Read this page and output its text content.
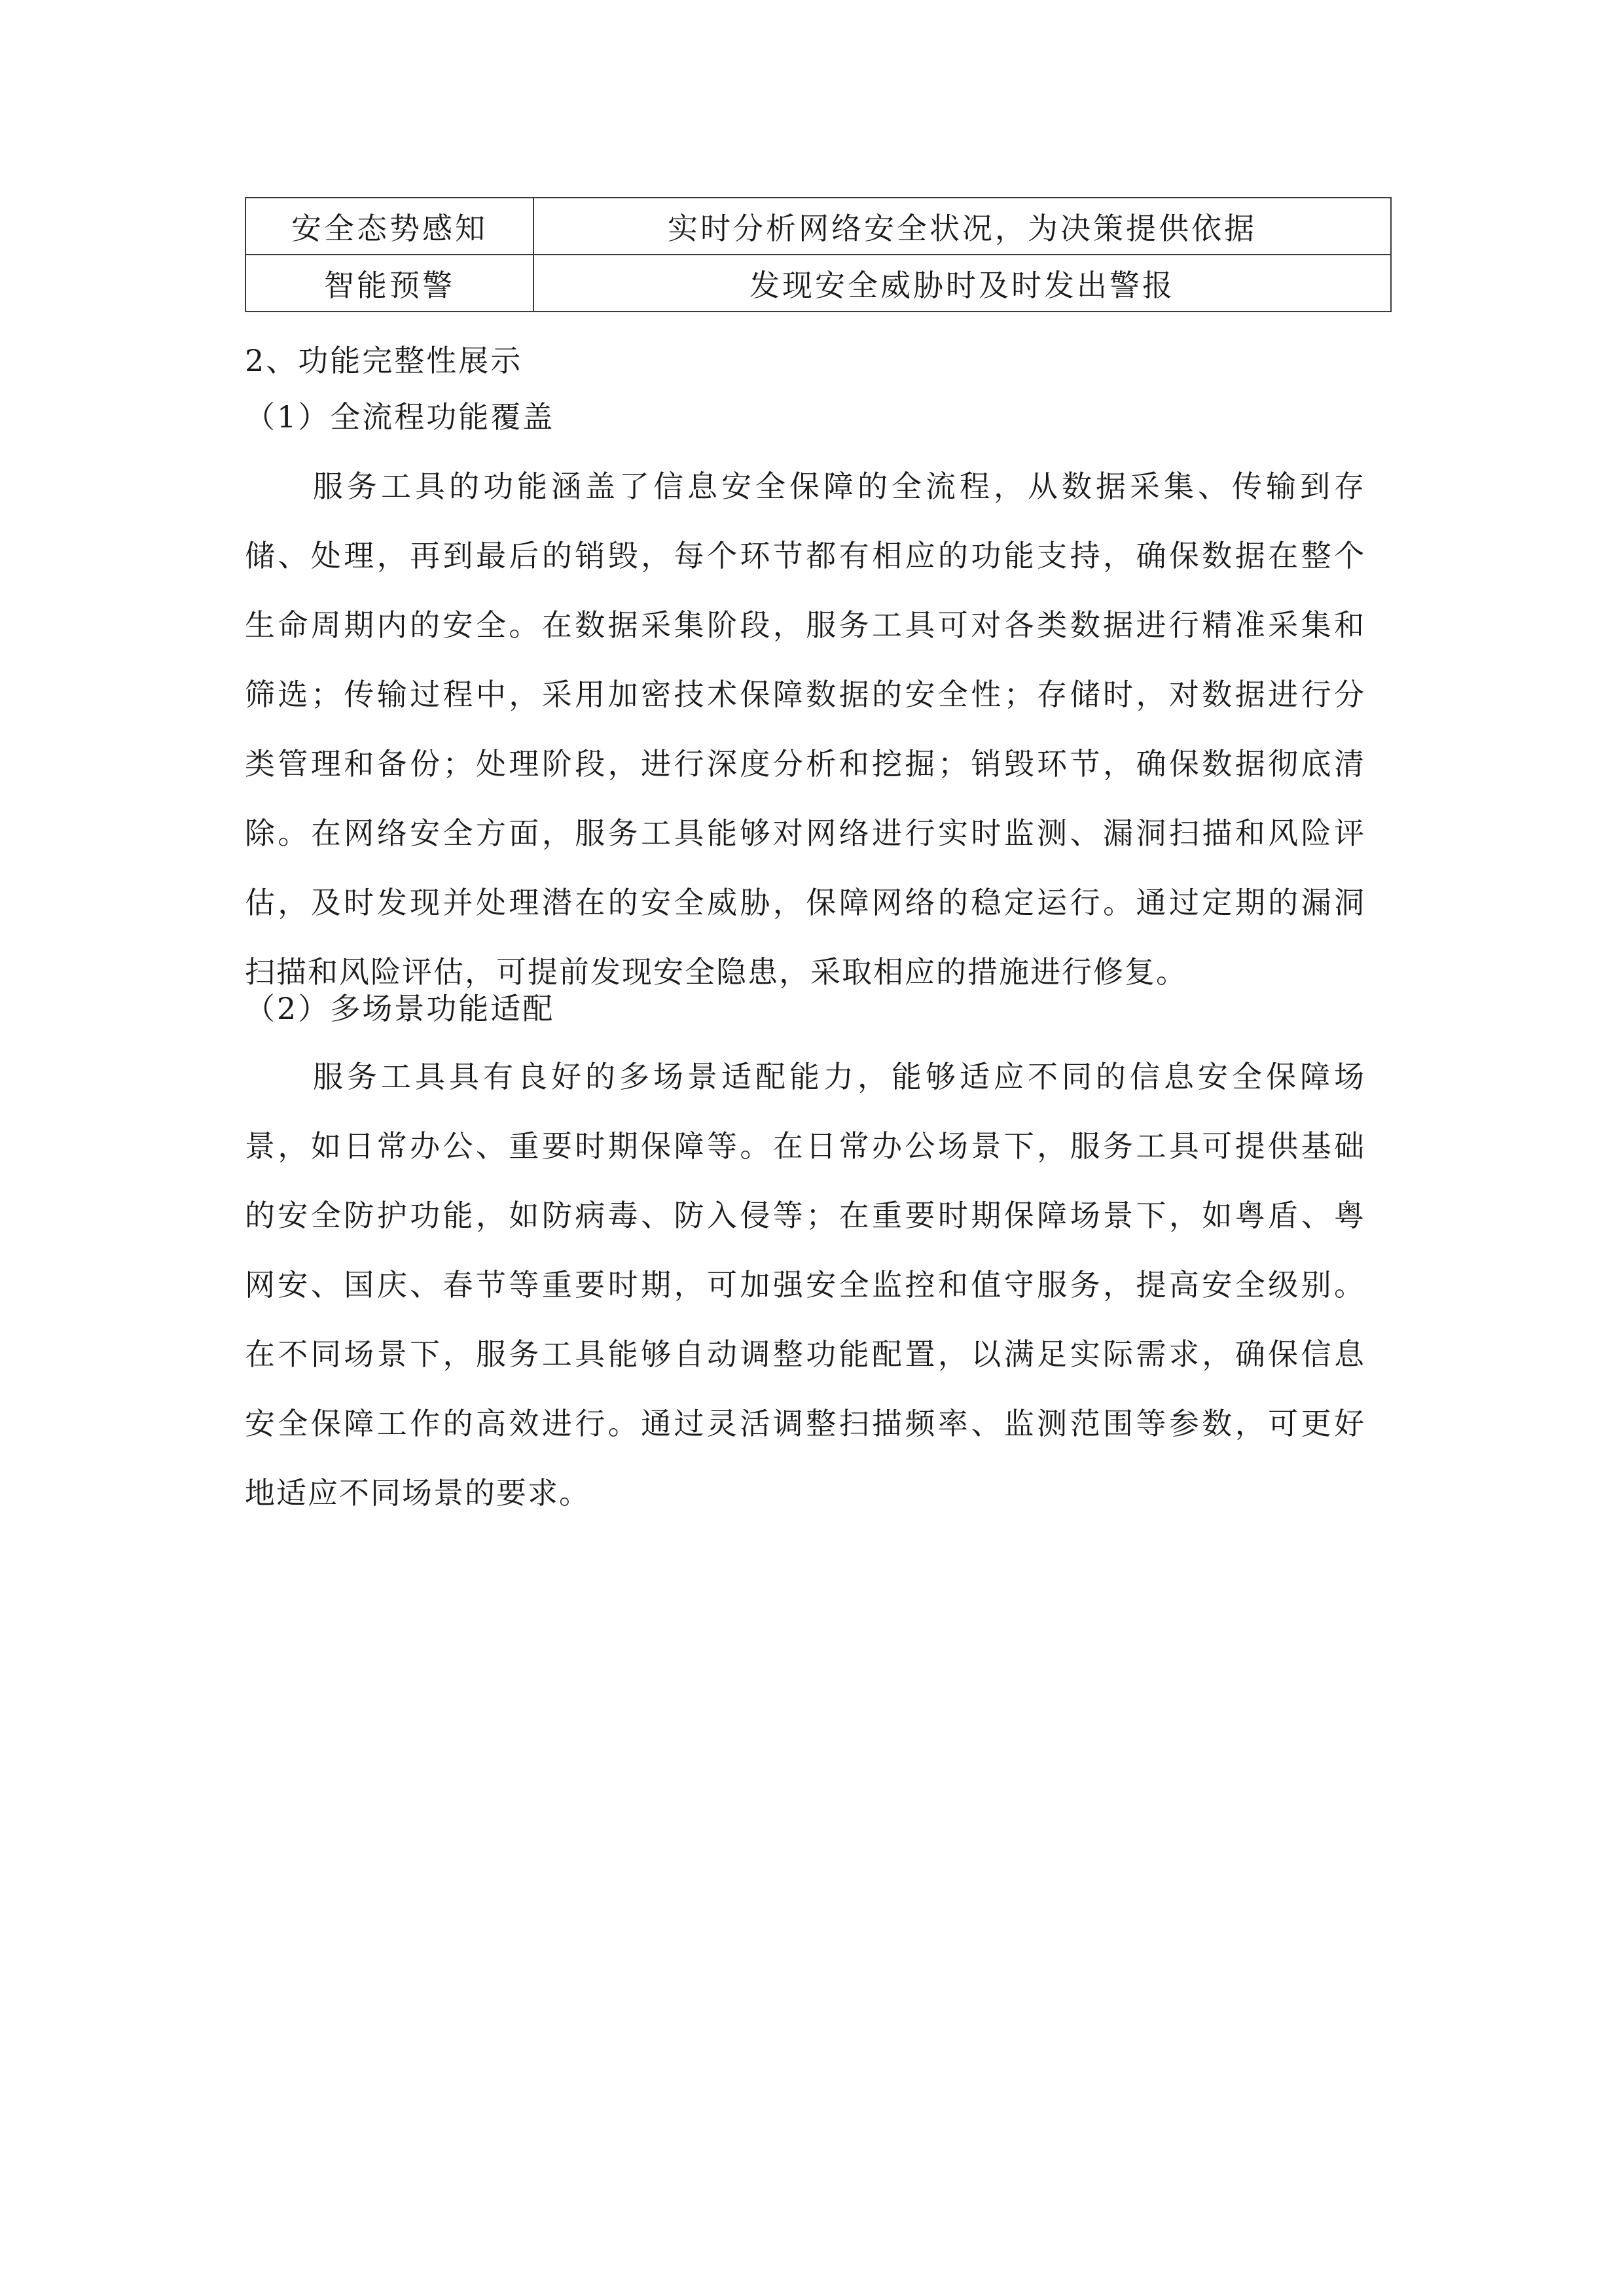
安全态势感知	实时分析网络安全状况，为决策提供依据
智能预警	发现安全威胁时及时发出警报
2、功能完整性展示
（1）全流程功能覆盖
服务工具的功能涵盖了信息安全保障的全流程，从数据采集、传输到存
储、处理，再到最后的销毁，每个环节都有相应的功能支持，确保数据在整个
生命周期内的安全。在数据采集阶段，服务工具可对各类数据进行精准采集和
筛选；传输过程中，采用加密技术保障数据的安全性；存储时，对数据进行分
类管理和备份；处理阶段，进行深度分析和挖掘；销毁环节，确保数据彻底清
除。在网络安全方面，服务工具能够对网络进行实时监测、漏洞扫描和风险评
估，及时发现并处理潜在的安全威胁，保障网络的稳定运行。通过定期的漏洞
扫描和风险评估，可提前发现安全隐患，采取相应的措施进行修复。
（2）多场景功能适配
服务工具具有良好的多场景适配能力，能够适应不同的信息安全保障场
景，如日常办公、重要时期保障等。在日常办公场景下，服务工具可提供基础
的安全防护功能，如防病毒、防入侵等；在重要时期保障场景下，如粤盾、粤
网安、国庆、春节等重要时期，可加强安全监控和值守服务，提高安全级别。
在不同场景下，服务工具能够自动调整功能配置，以满足实际需求，确保信息
安全保障工作的高效进行。通过灵活调整扫描频率、监测范围等参数，可更好
地适应不同场景的要求。
